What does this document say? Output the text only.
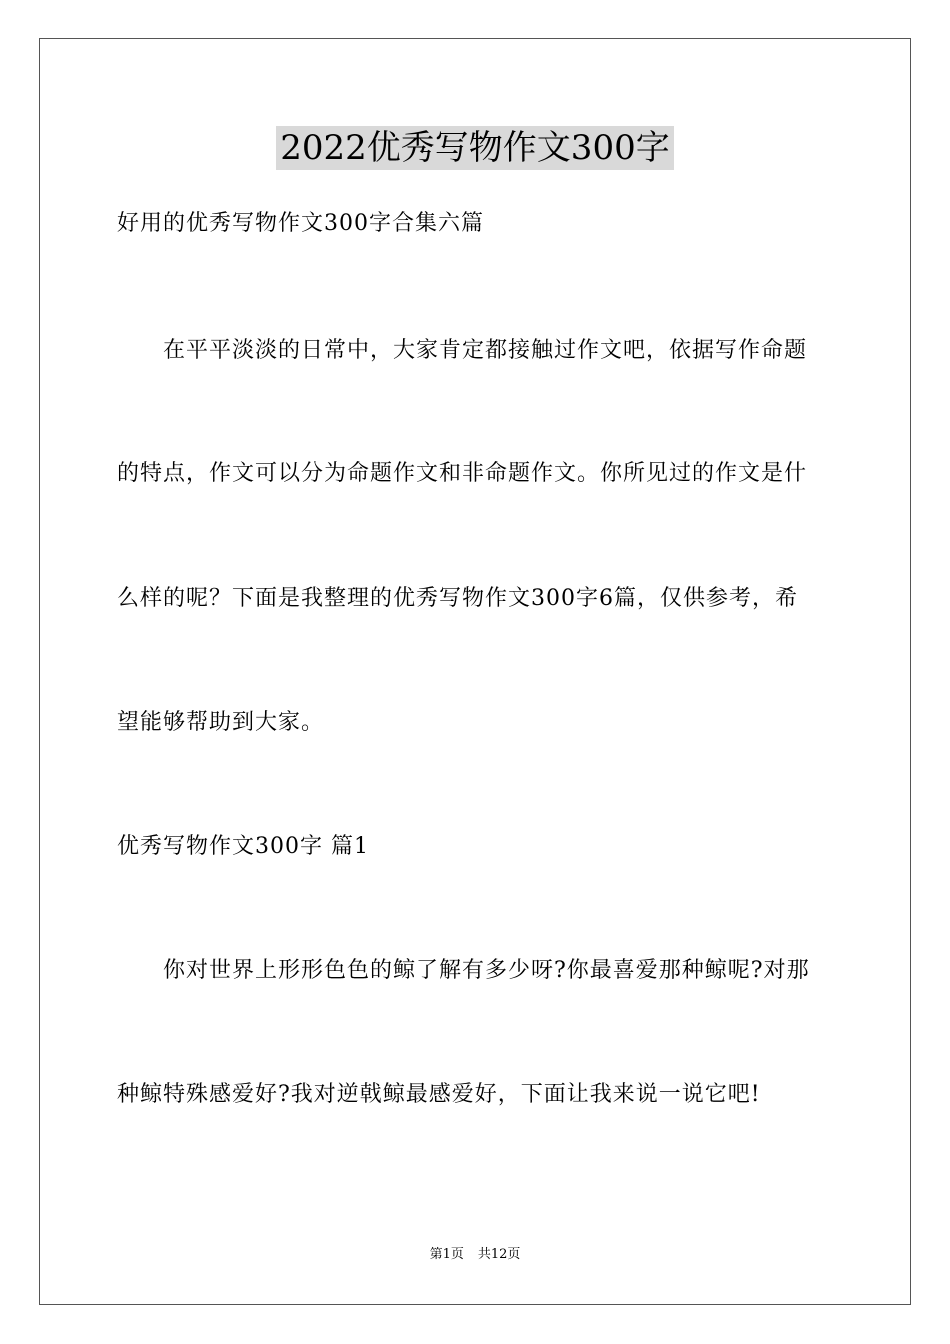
2022优秀写物作文300字
好用的优秀写物作文300字合集六篇
在平平淡淡的日常中，大家肯定都接触过作文吧，依据写作命题
的特点，作文可以分为命题作文和非命题作文。你所见过的作文是什
么样的呢？下面是我整理的优秀写物作文300字6篇，仅供参考，希
望能够帮助到大家。
优秀写物作文300字 篇1
你对世界上形形色色的鲸了解有多少呀?你最喜爱那种鲸呢?对那
种鲸特殊感爱好?我对逆戟鲸最感爱好，下面让我来说一说它吧!
第1页 共12页
